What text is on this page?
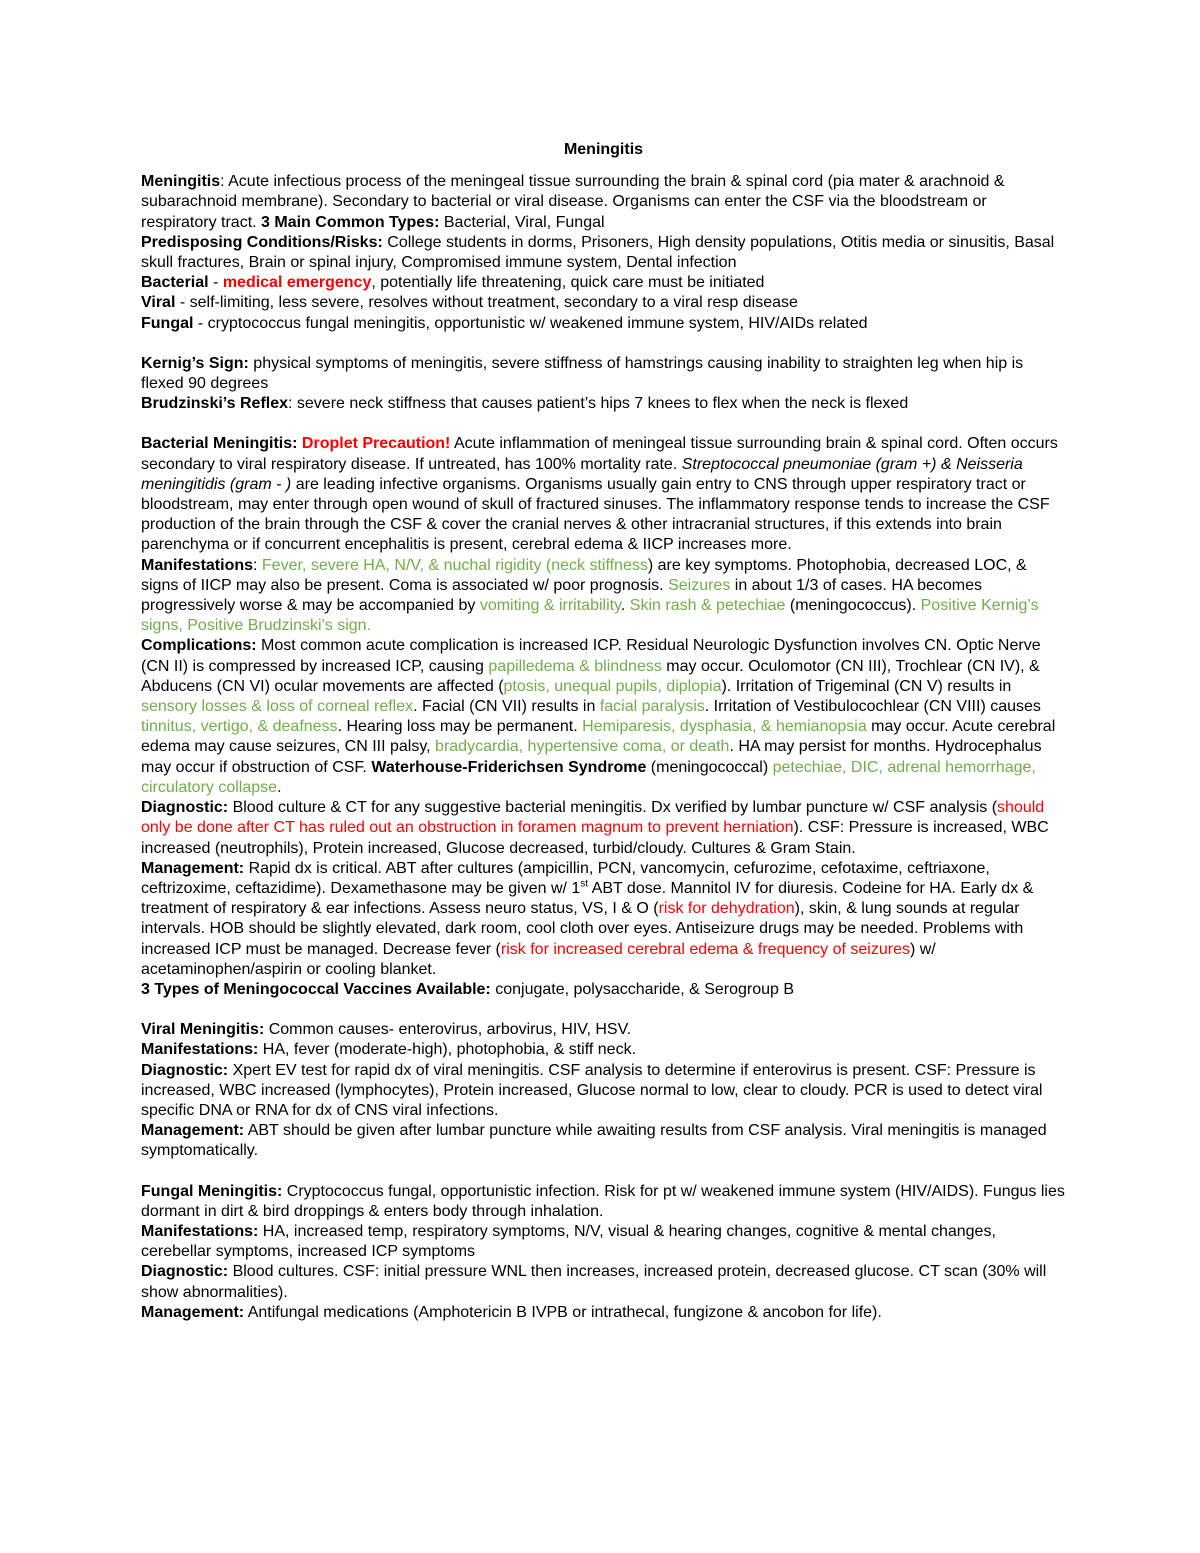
Meningitis

Meningitis: Acute infectious process of the meningeal tissue surrounding the brain & spinal cord (pia mater & arachnoid & subarachnoid membrane). Secondary to bacterial or viral disease. Organisms can enter the CSF via the bloodstream or respiratory tract. 3 Main Common Types: Bacterial, Viral, Fungal

Predisposing Conditions/Risks: College students in dorms, Prisoners, High density populations, Otitis media or sinusitis, Basal skull fractures, Brain or spinal injury, Compromised immune system, Dental infection

Bacterial - medical emergency, potentially life threatening, quick care must be initiated

Viral - self-limiting, less severe, resolves without treatment, secondary to a viral resp disease

Fungal - cryptococcus fungal meningitis, opportunistic w/ weakened immune system, HIV/AIDs related

Kernig’s Sign: physical symptoms of meningitis, severe stiffness of hamstrings causing inability to straighten leg when hip is flexed 90 degrees

Brudzinski’s Reflex: severe neck stiffness that causes patient’s hips 7 knees to flex when the neck is flexed

Bacterial Meningitis: Droplet Precaution! Acute inflammation of meningeal tissue surrounding brain & spinal cord. Often occurs secondary to viral respiratory disease. If untreated, has 100% mortality rate. Streptococcal pneumoniae (gram +) & Neisseria meningitidis (gram - ) are leading infective organisms. Organisms usually gain entry to CNS through upper respiratory tract or bloodstream, may enter through open wound of skull of fractured sinuses. The inflammatory response tends to increase the CSF production of the brain through the CSF & cover the cranial nerves & other intracranial structures, if this extends into brain parenchyma or if concurrent encephalitis is present, cerebral edema & IICP increases more.

Manifestations: Fever, severe HA, N/V, & nuchal rigidity (neck stiffness) are key symptoms. Photophobia, decreased LOC, & signs of IICP may also be present. Coma is associated w/ poor prognosis. Seizures in about 1/3 of cases. HA becomes progressively worse & may be accompanied by vomiting & irritability. Skin rash & petechiae (meningococcus). Positive Kernig’s signs, Positive Brudzinski’s sign.

Complications: Most common acute complication is increased ICP. Residual Neurologic Dysfunction involves CN. Optic Nerve (CN II) is compressed by increased ICP, causing papilledema & blindness may occur. Oculomotor (CN III), Trochlear (CN IV), & Abducens (CN VI) ocular movements are affected (ptosis, unequal pupils, diplopia). Irritation of Trigeminal (CN V) results in sensory losses & loss of corneal reflex. Facial (CN VII) results in facial paralysis. Irritation of Vestibulocochlear (CN VIII) causes tinnitus, vertigo, & deafness. Hearing loss may be permanent. Hemiparesis, dysphasia, & hemianopsia may occur. Acute cerebral edema may cause seizures, CN III palsy, bradycardia, hypertensive coma, or death. HA may persist for months. Hydrocephalus may occur if obstruction of CSF. Waterhouse-Friderichsen Syndrome (meningococcal) petechiae, DIC, adrenal hemorrhage, circulatory collapse.

Diagnostic: Blood culture & CT for any suggestive bacterial meningitis. Dx verified by lumbar puncture w/ CSF analysis (should only be done after CT has ruled out an obstruction in foramen magnum to prevent herniation). CSF: Pressure is increased, WBC increased (neutrophils), Protein increased, Glucose decreased, turbid/cloudy. Cultures & Gram Stain.

Management: Rapid dx is critical. ABT after cultures (ampicillin, PCN, vancomycin, cefurozime, cefotaxime, ceftriaxone, ceftrizoxime, ceftazidime). Dexamethasone may be given w/ 1st ABT dose. Mannitol IV for diuresis. Codeine for HA. Early dx & treatment of respiratory & ear infections. Assess neuro status, VS, I & O (risk for dehydration), skin, & lung sounds at regular intervals. HOB should be slightly elevated, dark room, cool cloth over eyes. Antiseizure drugs may be needed. Problems with increased ICP must be managed. Decrease fever (risk for increased cerebral edema & frequency of seizures) w/ acetaminophen/aspirin or cooling blanket.

3 Types of Meningococcal Vaccines Available: conjugate, polysaccharide, & Serogroup B

Viral Meningitis: Common causes- enterovirus, arbovirus, HIV, HSV.

Manifestations: HA, fever (moderate-high), photophobia, & stiff neck.

Diagnostic: Xpert EV test for rapid dx of viral meningitis. CSF analysis to determine if enterovirus is present. CSF: Pressure is increased, WBC increased (lymphocytes), Protein increased, Glucose normal to low, clear to cloudy. PCR is used to detect viral specific DNA or RNA for dx of CNS viral infections.

Management: ABT should be given after lumbar puncture while awaiting results from CSF analysis. Viral meningitis is managed symptomatically.

Fungal Meningitis: Cryptococcus fungal, opportunistic infection. Risk for pt w/ weakened immune system (HIV/AIDS). Fungus lies dormant in dirt & bird droppings & enters body through inhalation.

Manifestations: HA, increased temp, respiratory symptoms, N/V, visual & hearing changes, cognitive & mental changes, cerebellar symptoms, increased ICP symptoms

Diagnostic: Blood cultures. CSF: initial pressure WNL then increases, increased protein, decreased glucose. CT scan (30% will show abnormalities).

Management: Antifungal medications (Amphotericin B IVPB or intrathecal, fungizone & ancobon for life).
